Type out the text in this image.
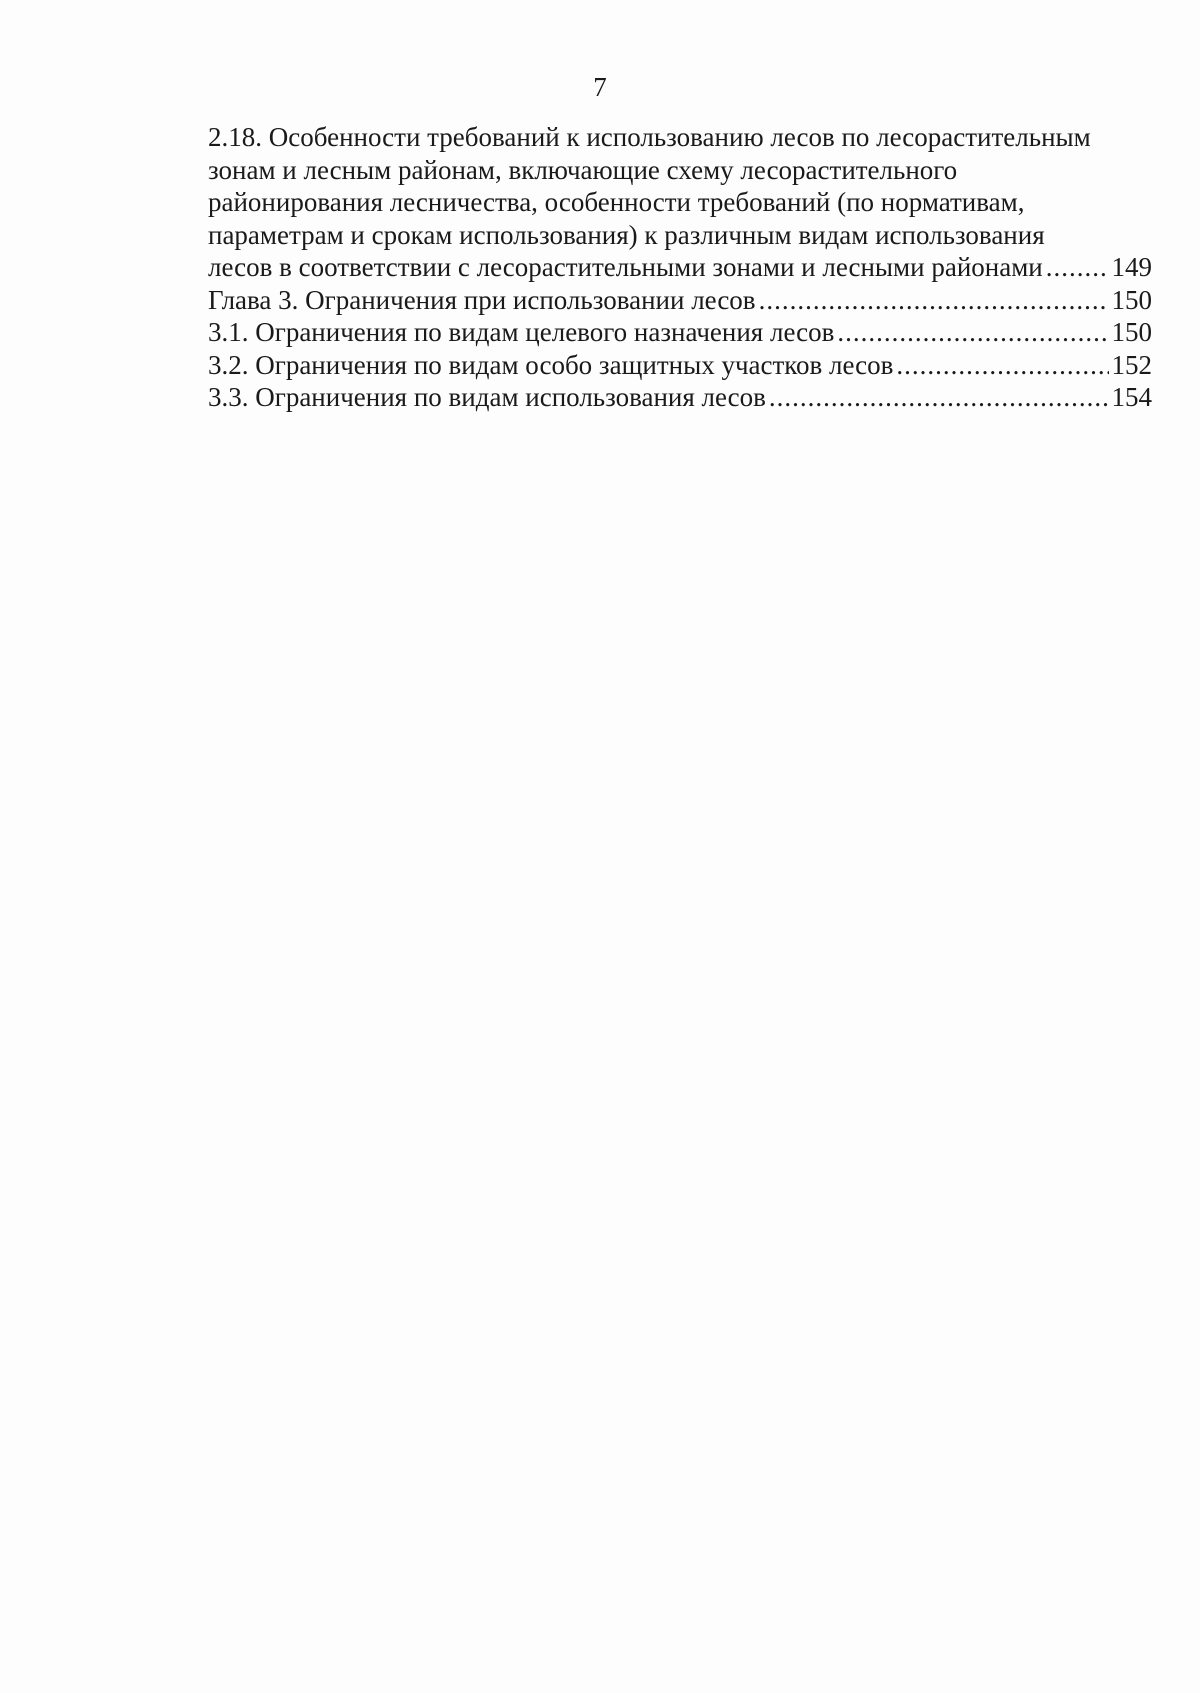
7
2.18. Особенности требований к использованию лесов по лесорастительным
зонам и лесным районам, включающие схему лесорастительного
районирования лесничества, особенности требований (по нормативам,
параметрам и срокам использования) к различным видам использования
лесов в соответствии с лесорастительными зонами и лесными районами .....	149
Глава 3. Ограничения при использовании лесов .....	150
3.1. Ограничения по видам целевого назначения лесов .....	150
3.2. Ограничения по видам особо защитных участков лесов .....	152
3.3. Ограничения по видам использования лесов .....	154
